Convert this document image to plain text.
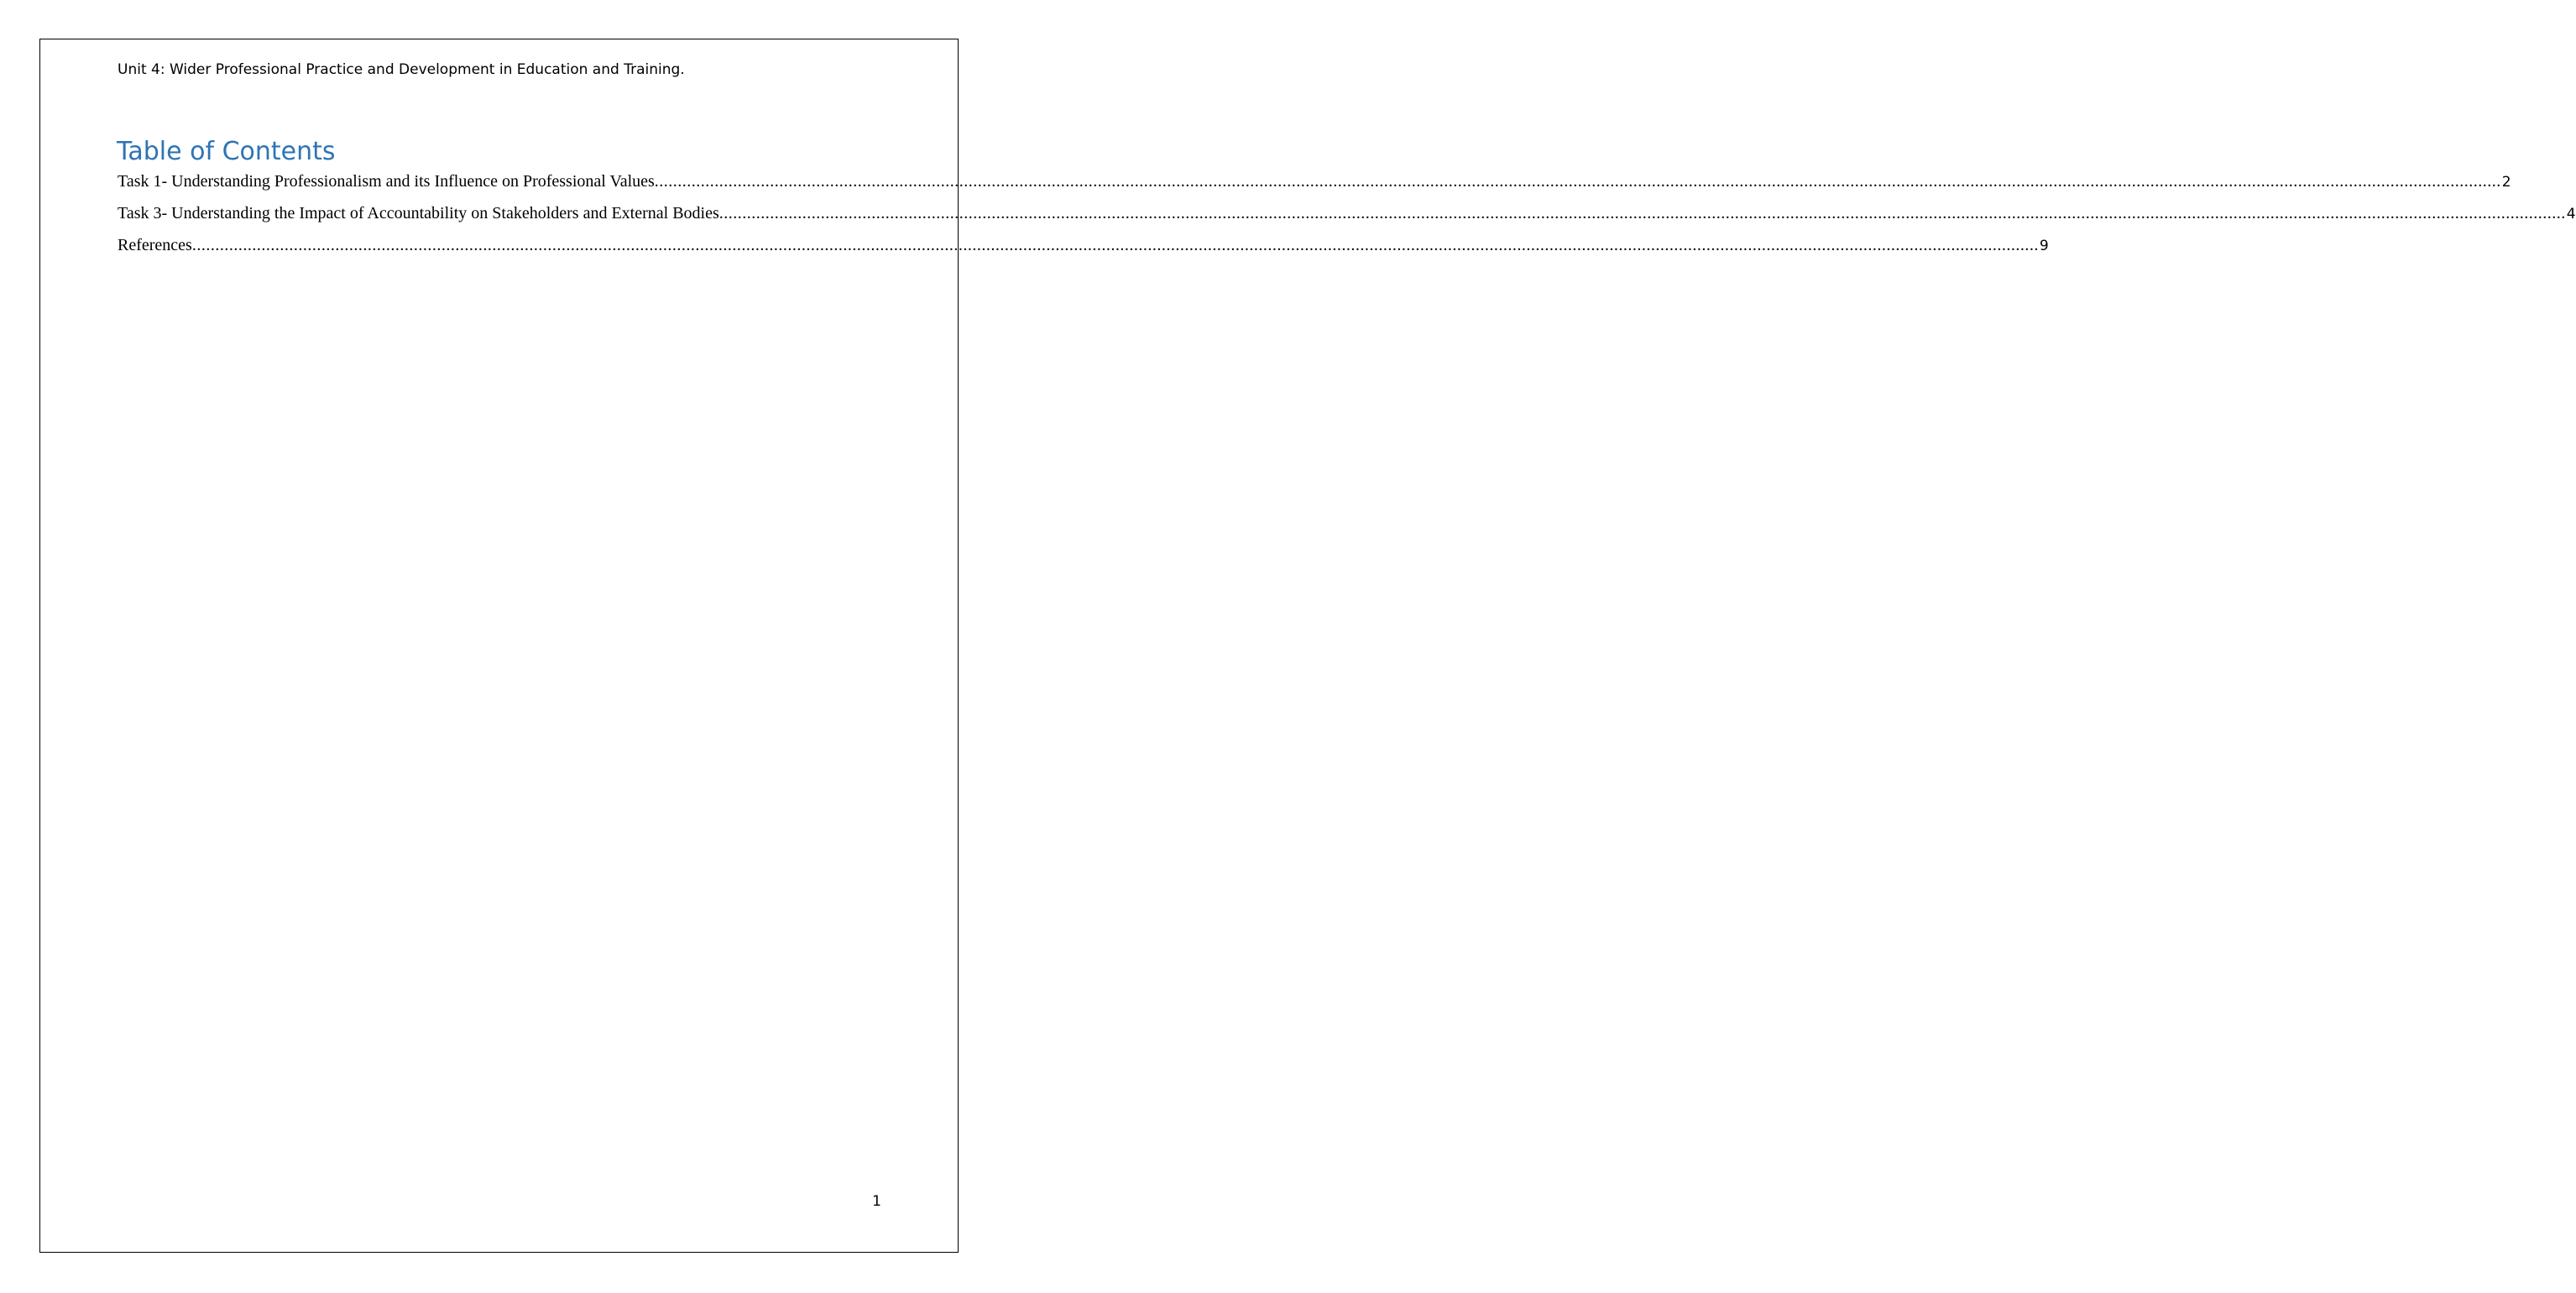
Unit 4: Wider Professional Practice and Development in Education and Training.
Table of Contents
Task 1- Understanding Professionalism and its Influence on Professional Values ................................................................................................................................................................................................................................................................................................................................................................................................................ 2
Task 3- Understanding the Impact of Accountability on Stakeholders and External Bodies ................................................................................................................................................................................................................................................................................................................................................................................................................ 4
References ................................................................................................................................................................................................................................................................................................................................................................................................................ 9
1
